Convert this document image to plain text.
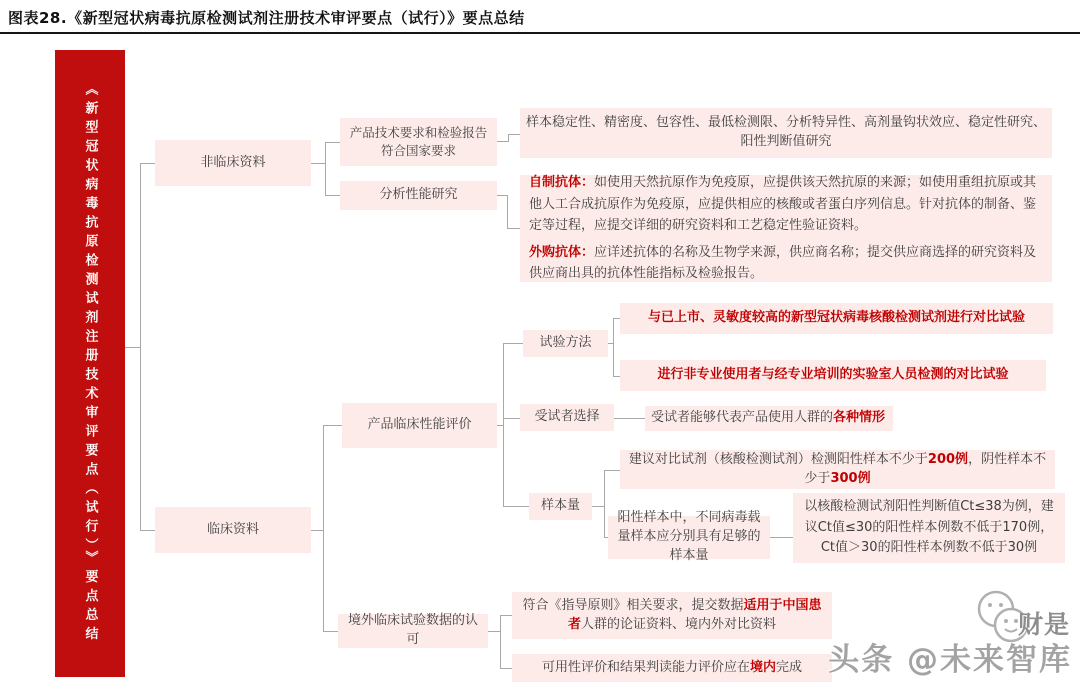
图表28.《新型冠状病毒抗原检测试剂注册技术审评要点（试行）》要点总结
《新型冠状病毒抗原检测试剂注册技术审评要点（试行）》要点总结	非临床资料
临床资料
产品技术要求和检验报告符合国家要求
分析性能研究
样本稳定性、精密度、包容性、最低检测限、分析特异性、高剂量钩状效应、稳定性研究、阳性判断值研究
自制抗体：如使用天然抗原作为免疫原，应提供该天然抗原的来源；如使用重组抗原或其他人工合成抗原作为免疫原，应提供相应的核酸或者蛋白序列信息。针对抗体的制备、鉴定等过程，应提交详细的研究资料和工艺稳定性验证资料。
外购抗体：应详述抗体的名称及生物学来源，供应商名称；提交供应商选择的研究资料及供应商出具的抗体性能指标及检验报告。
产品临床性能评价
试验方法
与已上市、灵敏度较高的新型冠状病毒核酸检测试剂进行对比试验
进行非专业使用者与经专业培训的实验室人员检测的对比试验
受试者选择	受试者能够代表产品使用人群的各种情形
样本量
建议对比试剂（核酸检测试剂）检测阳性样本不少于200例，阴性样本不少于300例
阳性样本中，不同病毒载量样本应分别具有足够的样本量
以核酸检测试剂阳性判断值Ct≤38为例，建议Ct值≤30的阳性样本例数不低于170例，Ct值＞30的阳性样本例数不低于30例
境外临床试验数据的认可
符合《指导原则》相关要求，提交数据适用于中国患者人群的论证资料、境内外对比资料
可用性评价和结果判读能力评价应在境内完成
财是
头条 @未来智库
